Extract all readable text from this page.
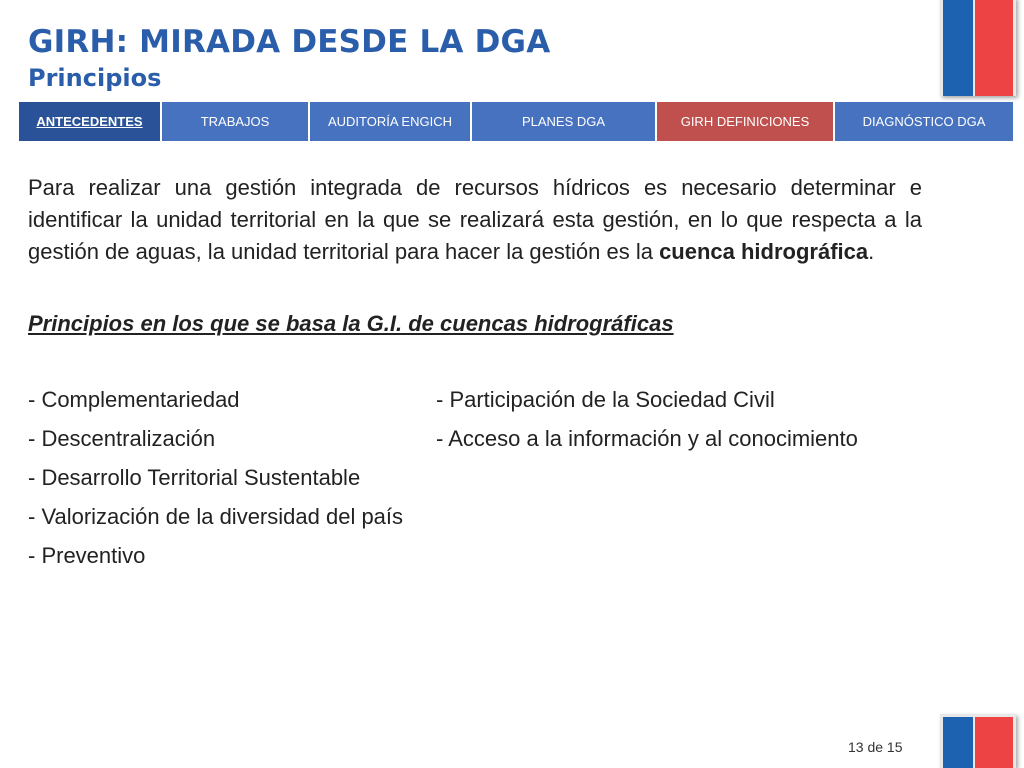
GIRH: MIRADA DESDE LA DGA
Principios
ANTECEDENTES	TRABAJOS	AUDITORÍA ENGICH	PLANES DGA	GIRH DEFINICIONES	DIAGNÓSTICO DGA

Para realizar una gestión integrada de recursos hídricos es necesario determinar e identificar la unidad territorial en la que se realizará esta gestión, en lo que respecta a la gestión de aguas, la unidad territorial para hacer la gestión es la cuenca hidrográfica.

Principios en los que se basa la G.I. de cuencas hidrográficas
- Complementariedad
- Descentralización
- Desarrollo Territorial Sustentable
- Valorización de la diversidad del país
- Preventivo
- Participación de la Sociedad Civil
- Acceso a la información y al conocimiento
13 de 15
